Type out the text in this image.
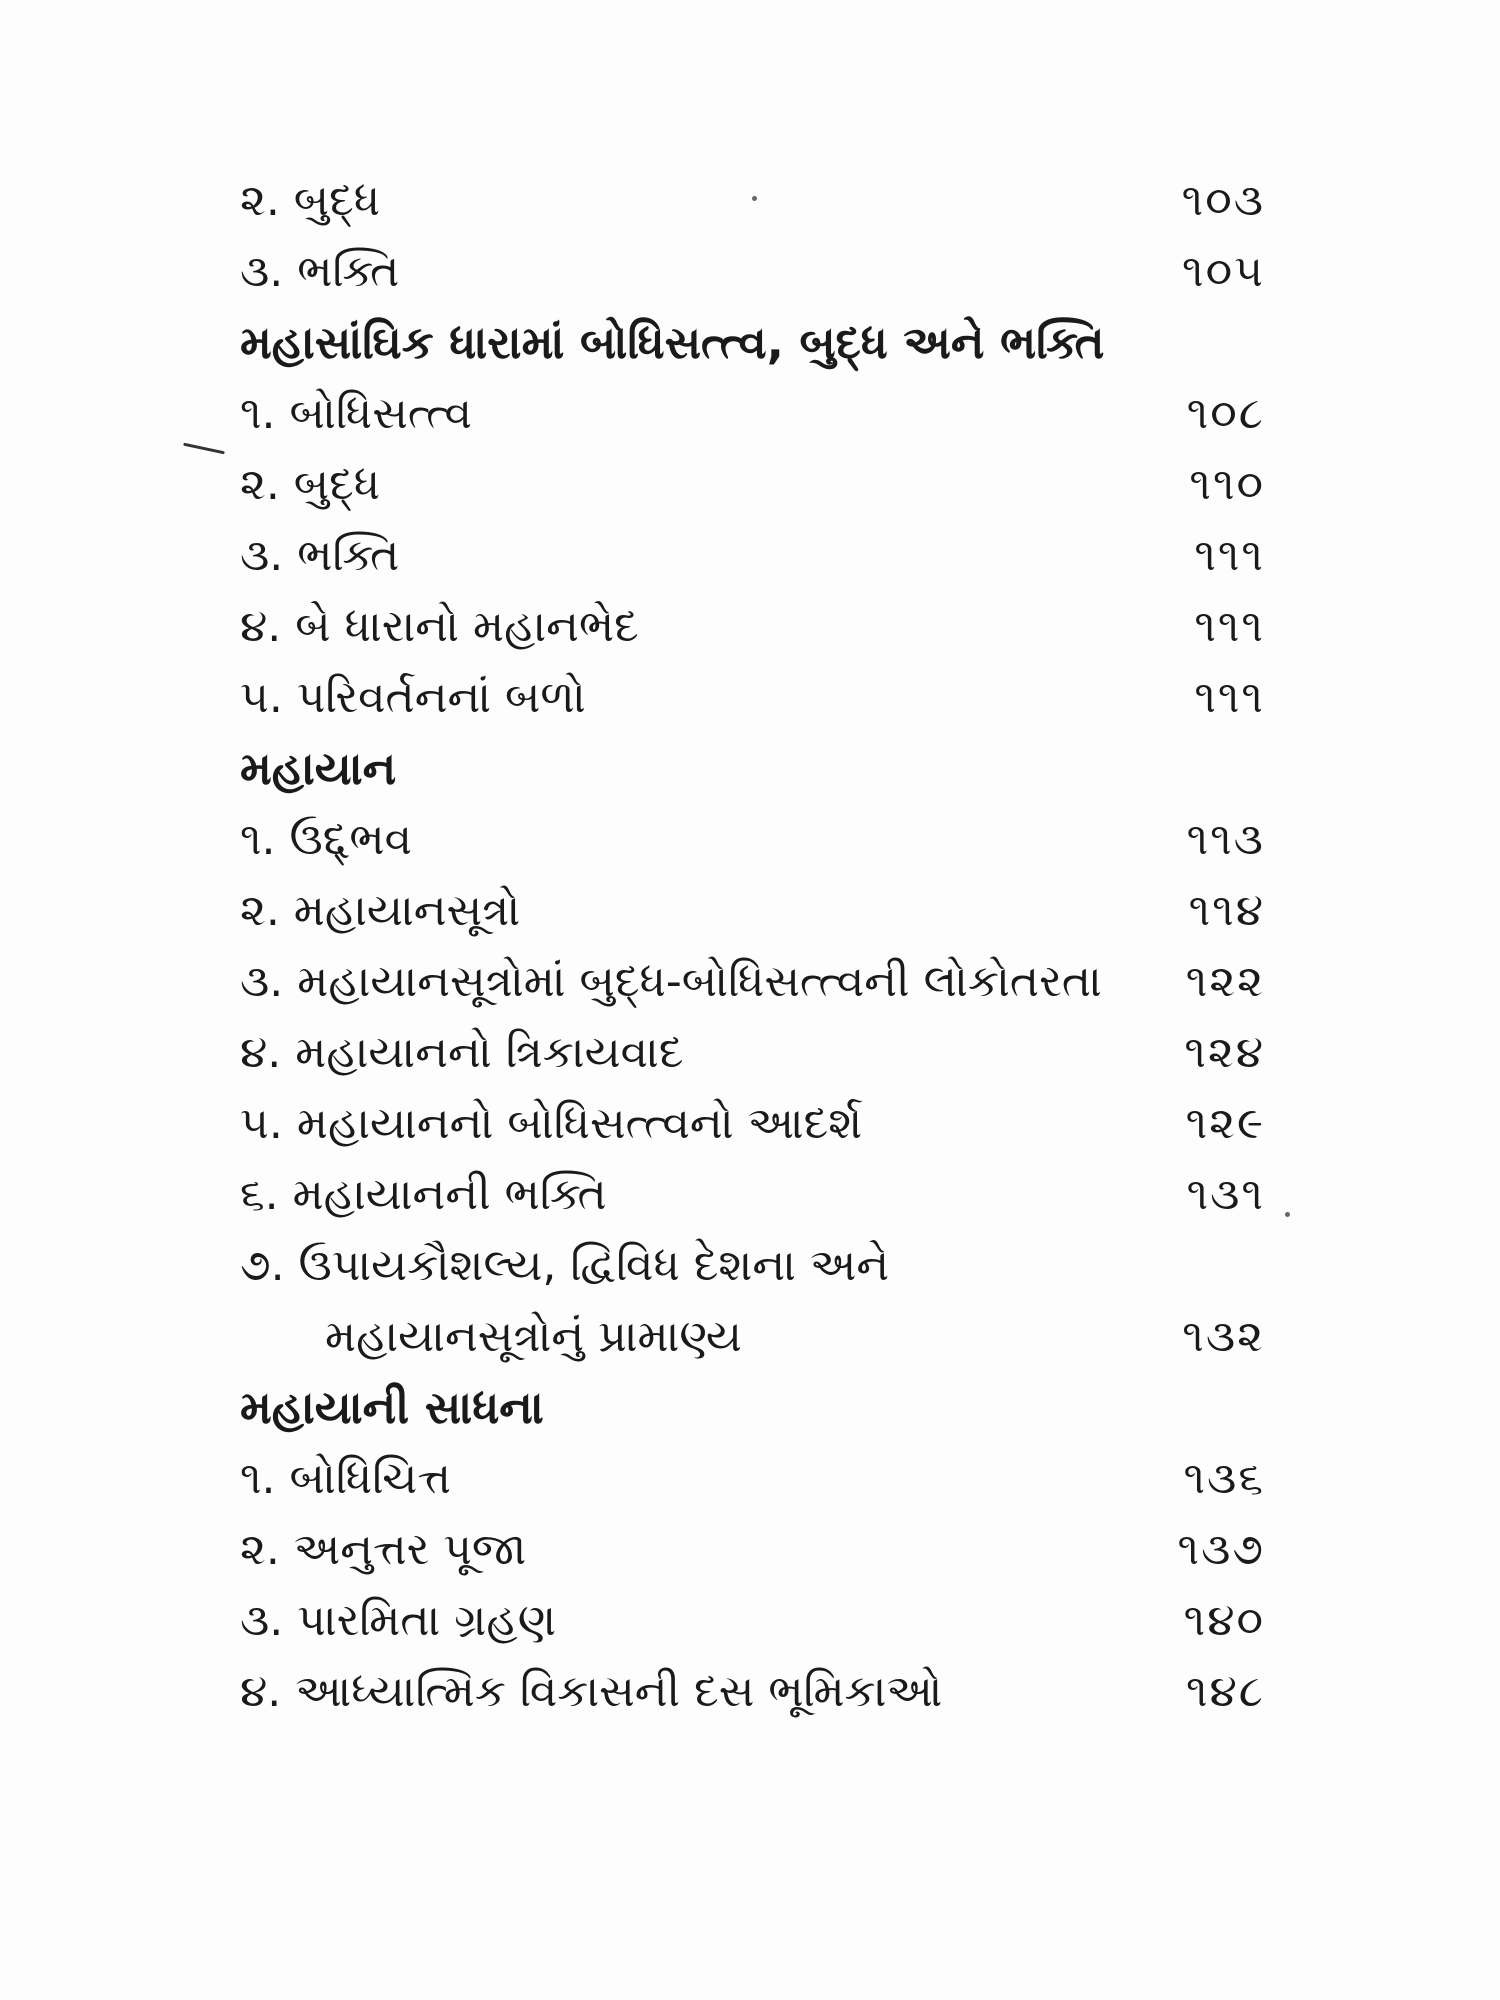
૨. બુદ્ધ	૧૦૩
૩. ભક્તિ	૧૦૫
મહાસાંઘિક ધારામાં બોધિસત્ત્વ, બુદ્ધ અને ભક્તિ
૧. બોધિસત્ત્વ	૧૦૮
૨. બુદ્ધ	૧૧૦
૩. ભક્તિ	૧૧૧
૪. બે ધારાનો મહાનભેદ	૧૧૧
૫. પરિવર્તનનાં બળો	૧૧૧
મહાયાન
૧. ઉદ્દ્ભવ	૧૧૩
૨. મહાયાનસૂત્રો	૧૧૪
૩. મહાયાનસૂત્રોમાં બુદ્ધ-બોધિસત્ત્વની લોકોતરતા	૧૨૨
૪. મહાયાનનો ત્રિકાયવાદ	૧૨૪
૫. મહાયાનનો બોધિસત્ત્વનો આદર્શ	૧૨૯
૬. મહાયાનની ભક્તિ	૧૩૧
૭. ઉપાયકૌશલ્ય, દ્વિવિધ દેશના અને
મહાયાનસૂત્રોનું પ્રામાણ્ય	૧૩૨
મહાયાની સાધના
૧. બોધિચિત્ત	૧૩૬
૨. અનુત્તર પૂજા	૧૩૭
૩. પારમિતા ગ્રહણ	૧૪૦
૪. આધ્યાત્મિક વિકાસની દસ ભૂમિકાઓ	૧૪૮
